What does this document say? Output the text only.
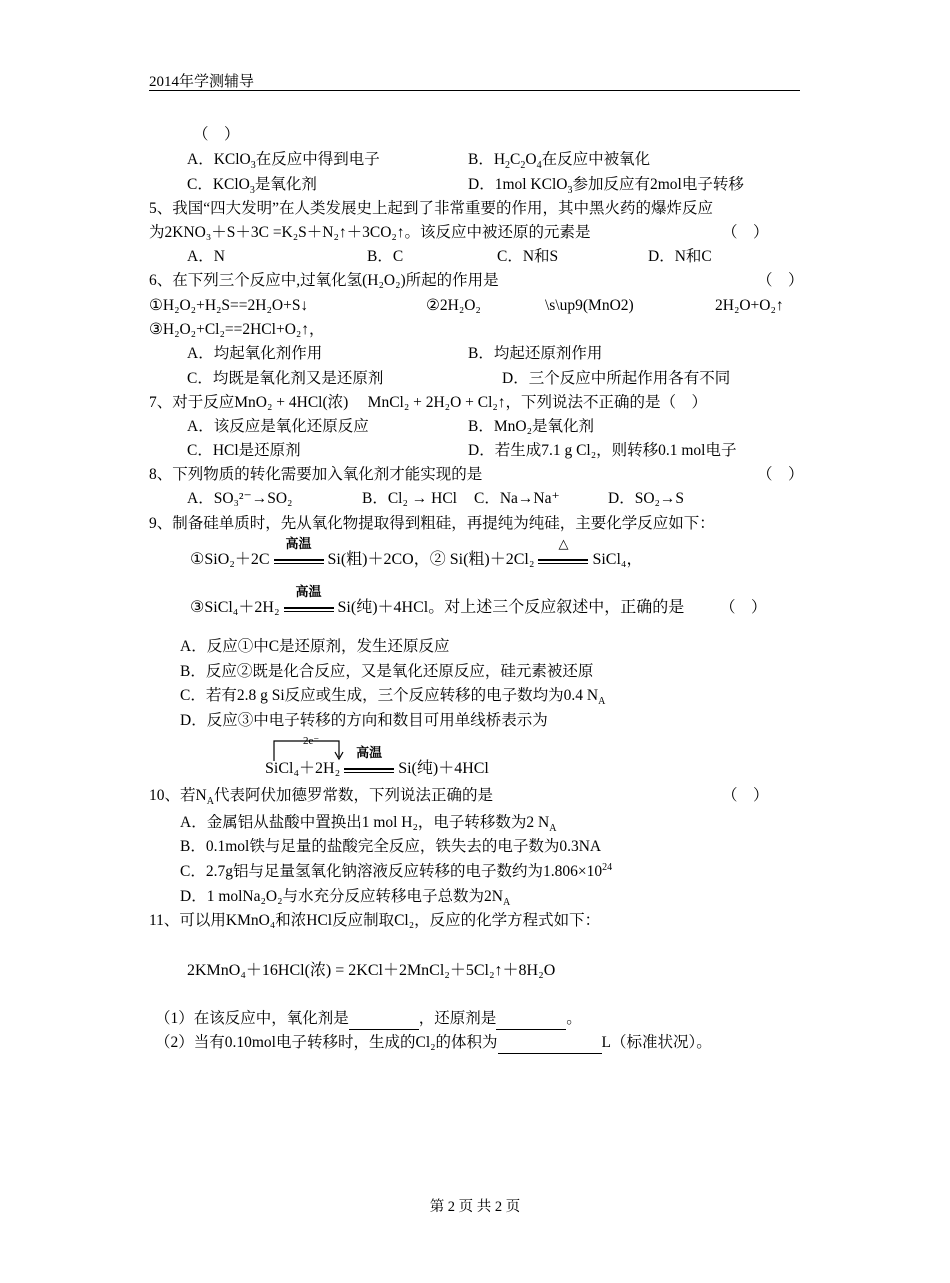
2014年学测辅导
（　）
A．KClO$_3$在反应中得到电子	B．$H_2C_2O_4$在反应中被氧化
C．KClO$_3$是氧化剂	D．1mol KClO$_3$参加反应有2mol电子转移
5、我国“四大发明”在人类发展史上起到了非常重要的作用，其中黑火药的爆炸反应
为2KNO₃＋S＋3C =K₂S＋N₂↑＋3CO₂↑。该反应中被还原的元素是	（　）
A．N	B．C	C．N和S	D．N和C
6、在下列三个反应中,过氧化氢(H₂O₂)所起的作用是	（　）
①H₂O₂+H₂S==2H₂O+S↓	②2H₂O₂	\s\up9(MnO2)	2H₂O+O₂↑
③H₂O₂+Cl₂==2HCl+O₂↑，
A．均起氧化剂作用	B．均起还原剂作用
C．均既是氧化剂又是还原剂	D．三个反应中所起作用各有不同
7、对于反应MnO₂ + 4HCl(浓)　 MnCl₂ + 2H₂O + Cl₂↑，下列说法不正确的是（　）
A．该反应是氧化还原反应	B．MnO₂是氧化剂
C．HCl是还原剂	D．若生成7.1 g Cl₂，则转移0.1 mol电子
8、下列物质的转化需要加入氧化剂才能实现的是	（　）
A．SO₃²⁻→SO₂	B．Cl₂ → HCl C．Na→Na⁺	D．SO₂→S
9、制备硅单质时，先从氧化物提取得到粗硅，再提纯为纯硅，主要化学反应如下：
①SiO₂＋2C
高温
Si(粗)＋2CO，② Si(粗)＋2Cl₂
△
SiCl₄，
③SiCl₄＋2H₂
高温
Si(纯)＋4HCl。对上述三个反应叙述中，正确的是 （　）
A．反应①中C是还原剂，发生还原反应
B．反应②既是化合反应，又是氧化还原反应，硅元素被还原
C．若有2.8 g Si反应或生成，三个反应转移的电子数均为0.4 $N_A$
D．反应③中电子转移的方向和数目可用单线桥表示为
2e⁻
SiCl₄＋2H₂
高温
Si(纯)＋4HCl
10、若$N_A$代表阿伏加德罗常数，下列说法正确的是	（　）
A．金属铝从盐酸中置换出1 mol H₂，电子转移数为2 $N_A$
B．0.1mol铁与足量的盐酸完全反应，铁失去的电子数为0.3NA
C．2.7g铝与足量氢氧化钠溶液反应转移的电子数约为$1.806\times 10^{24}$
D．1 molNa₂O₂与水充分反应转移电子总数为$2N_A$
11、可以用KMnO₄和浓HCl反应制取Cl₂，反应的化学方程式如下：
2KMnO₄＋16HCl(浓) = 2KCl＋2MnCl₂＋5Cl₂↑＋8H₂O
（1）在该反应中，氧化剂是	，还原剂是	。
（2）当有0.10mol电子转移时，生成的Cl₂的体积为	L（标准状况）。
第 2 页 共 2 页
